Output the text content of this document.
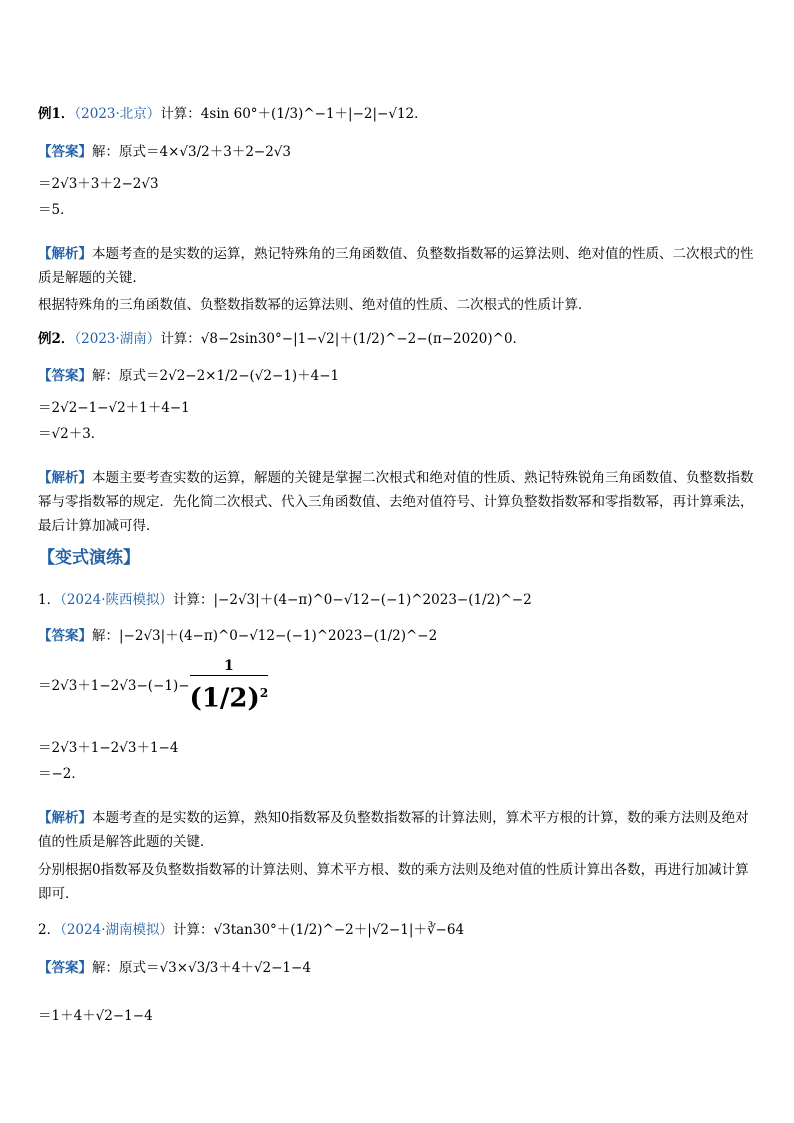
例1．（2023·北京）计算：4sin 60°＋(1/3)^−1＋|−2|−√12．
【答案】解：原式＝4×√3/2＋3＋2−2√3
＝2√3＋3＋2−2√3
＝5．
【解析】本题考查的是实数的运算，熟记特殊角的三角函数值、负整数指数幂的运算法则、绝对值的性质、二次根式的性质是解题的关键．
根据特殊角的三角函数值、负整数指数幂的运算法则、绝对值的性质、二次根式的性质计算．
例2．（2023·湖南）计算：√8−2sin30°−|1−√2|＋(1/2)^−2−(π−2020)^0．
【答案】解：原式＝2√2−2×1/2−(√2−1)＋4−1
＝2√2−1−√2＋1＋4−1
＝√2＋3．
【解析】本题主要考查实数的运算，解题的关键是掌握二次根式和绝对值的性质、熟记特殊锐角三角函数值、负整数指数幂与零指数幂的规定．先化简二次根式、代入三角函数值、去绝对值符号、计算负整数指数幂和零指数幂，再计算乘法，最后计算加减可得．
【变式演练】
1．（2024·陕西模拟）计算：|−2√3|＋(4−π)^0−√12−(−1)^2023−(1/2)^−2
【答案】解：|−2√3|＋(4−π)^0−√12−(−1)^2023−(1/2)^−2
$=2√3+1-2√3-(-1)- \frac{1}{(1/2)^2}$
＝2√3＋1−2√3＋1−4
＝−2．
【解析】本题考查的是实数的运算，熟知0指数幂及负整数指数幂的计算法则，算术平方根的计算，数的乘方法则及绝对值的性质是解答此题的关键．
分别根据0指数幂及负整数指数幂的计算法则、算术平方根、数的乘方法则及绝对值的性质计算出各数，再进行加减计算即可．
2．（2024·湖南模拟）计算：√3tan30°＋(1/2)^−2＋|√2−1|＋∛−64
【答案】解：原式＝√3×√3/3＋4＋√2−1−4
＝1＋4＋√2−1−4
